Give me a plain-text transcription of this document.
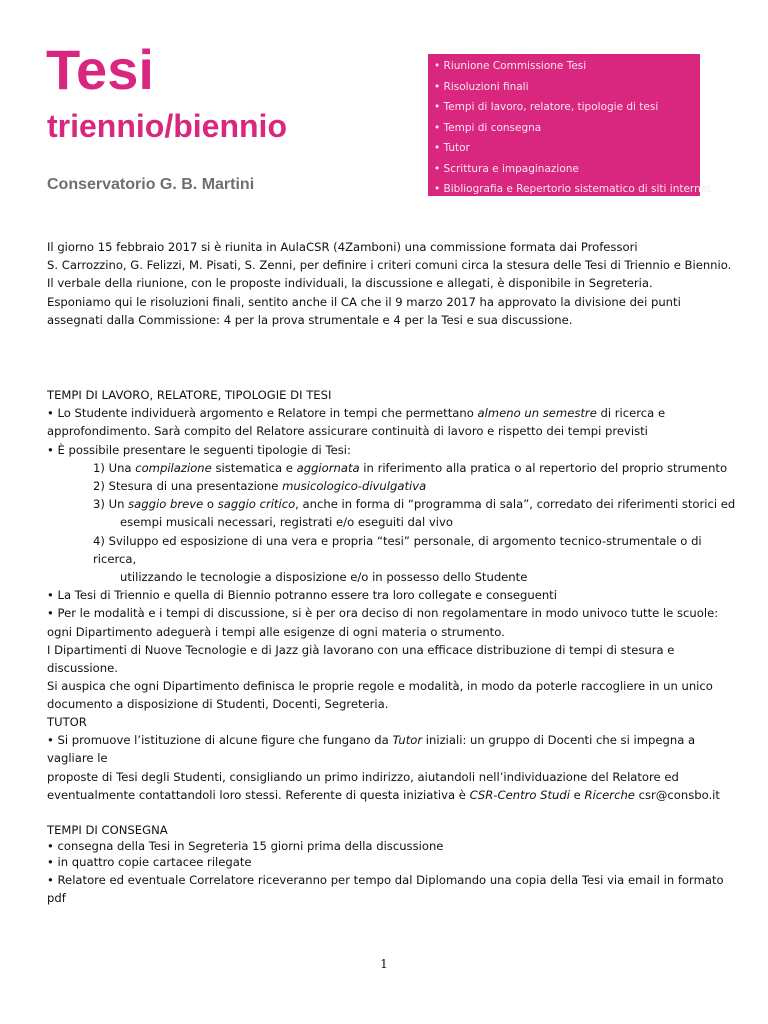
Tesi
triennio/biennio
Conservatorio G. B. Martini
• Riunione Commissione Tesi
• Risoluzioni finali
• Tempi di lavoro, relatore, tipologie di tesi
• Tempi di consegna
• Tutor
• Scrittura e impaginazione
• Bibliografia e Repertorio sistematico di siti internet

Il giorno 15 febbraio 2017 si è riunita in AulaCSR (4Zamboni) una commissione formata dai Professori

S. Carrozzino, G. Felizzi, M. Pisati, S. Zenni, per definire i criteri comuni circa la stesura delle Tesi di Triennio e Biennio.

Il verbale della riunione, con le proposte individuali, la discussione e allegati, è disponibile in Segreteria.

Esponiamo qui le risoluzioni finali, sentito anche il CA che il 9 marzo 2017 ha approvato la divisione dei punti

assegnati dalla Commissione: 4 per la prova strumentale e 4 per la Tesi e sua discussione.

TEMPI DI LAVORO, RELATORE, TIPOLOGIE DI TESI

• Lo Studente individuerà argomento e Relatore in tempi che permettano almeno un semestre di ricerca e

approfondimento. Sarà compito del Relatore assicurare continuità di lavoro e rispetto dei tempi previsti

• È possibile presentare le seguenti tipologie di Tesi:

1) Una compilazione sistematica e aggiornata in riferimento alla pratica o al repertorio del proprio strumento

2) Stesura di una presentazione musicologico-divulgativa

3) Un saggio breve o saggio critico, anche in forma di “programma di sala”, corredato dei riferimenti storici ed

esempi musicali necessari, registrati e/o eseguiti dal vivo

4) Sviluppo ed esposizione di una vera e propria “tesi” personale, di argomento tecnico-strumentale o di ricerca,

utilizzando le tecnologie a disposizione e/o in possesso dello Studente

• La Tesi di Triennio e quella di Biennio potranno essere tra loro collegate e conseguenti

• Per le modalità e i tempi di discussione, si è per ora deciso di non regolamentare in modo univoco tutte le scuole:

ogni Dipartimento adeguerà i tempi alle esigenze di ogni materia o strumento.

I Dipartimenti di Nuove Tecnologie e di Jazz già lavorano con una efficace distribuzione di tempi di stesura e discussione.

Si auspica che ogni Dipartimento definisca le proprie regole e modalità, in modo da poterle raccogliere in un unico

documento a disposizione di Studenti, Docenti, Segreteria.

TUTOR

• Si promuove l’istituzione di alcune figure che fungano da Tutor iniziali: un gruppo di Docenti che si impegna a vagliare le

proposte di Tesi degli Studenti, consigliando un primo indirizzo, aiutandoli nell’individuazione del Relatore ed

eventualmente contattandoli loro stessi. Referente di questa iniziativa è CSR-Centro Studi e Ricerche csr@consbo.it

TEMPI DI CONSEGNA

• consegna della Tesi in Segreteria 15 giorni prima della discussione

• in quattro copie cartacee rilegate

• Relatore ed eventuale Correlatore riceveranno per tempo dal Diplomando una copia della Tesi via email in formato

pdf

1
